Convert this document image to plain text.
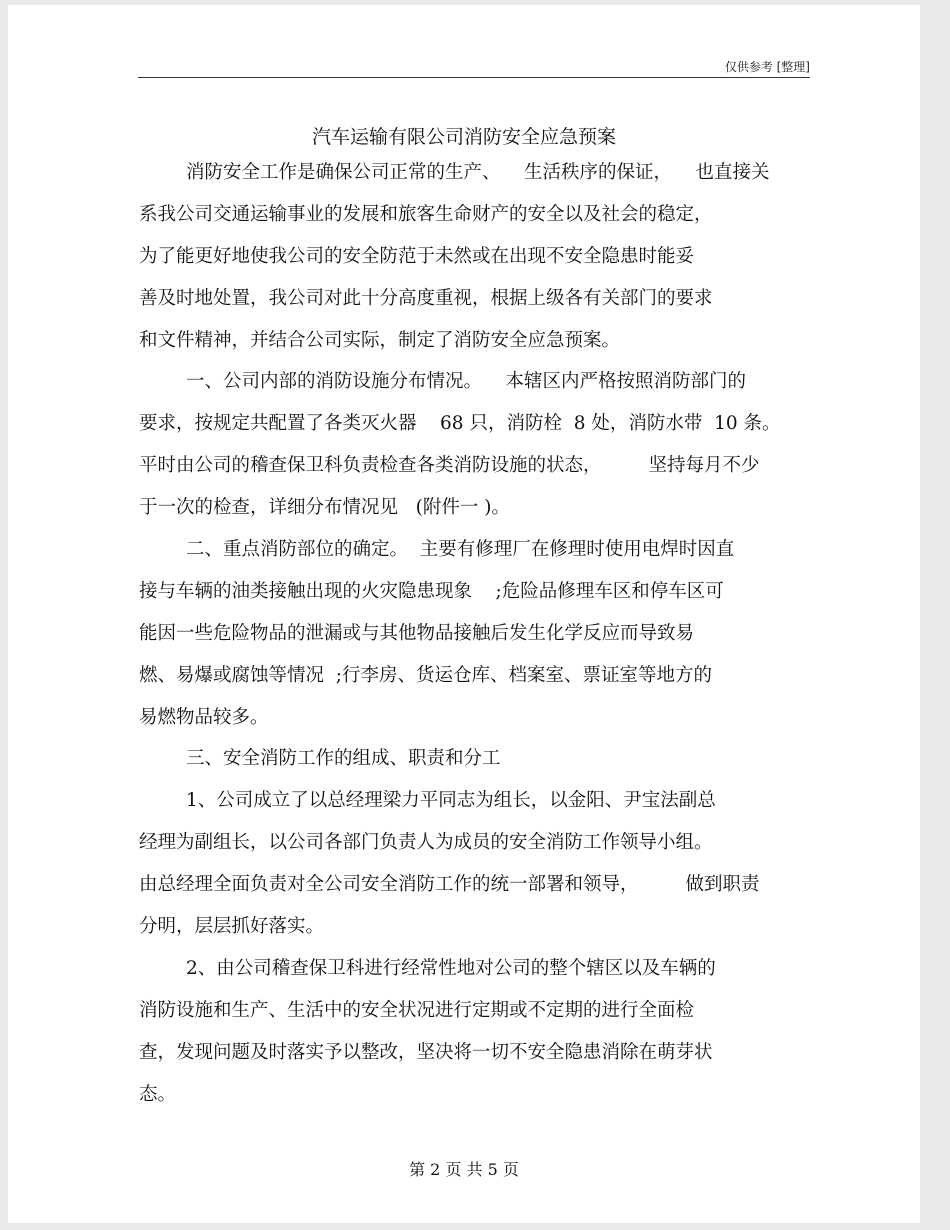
仅供参考 [整理]
汽车运输有限公司消防安全应急预案
消防安全工作是确保公司正常的生产、    生活秩序的保证，    也直接关
系我公司交通运输事业的发展和旅客生命财产的安全以及社会的稳定，
为了能更好地使我公司的安全防范于未然或在出现不安全隐患时能妥
善及时地处置，我公司对此十分高度重视，根据上级各有关部门的要求
和文件精神，并结合公司实际，制定了消防安全应急预案。
一、公司内部的消防设施分布情况。    本辖区内严格按照消防部门的
要求，按规定共配置了各类灭火器    68 只，消防栓  8 处，消防水带  10 条。
平时由公司的稽查保卫科负责检查各类消防设施的状态，        坚持每月不少
于一次的检查，详细分布情况见   (附件一 )。
二、重点消防部位的确定。  主要有修理厂在修理时使用电焊时因直
接与车辆的油类接触出现的火灾隐患现象    ;危险品修理车区和停车区可
能因一些危险物品的泄漏或与其他物品接触后发生化学反应而导致易
燃、易爆或腐蚀等情况  ;行李房、货运仓库、档案室、票证室等地方的
易燃物品较多。
三、安全消防工作的组成、职责和分工
1、公司成立了以总经理梁力平同志为组长，以金阳、尹宝法副总
经理为副组长，以公司各部门负责人为成员的安全消防工作领导小组。
由总经理全面负责对全公司安全消防工作的统一部署和领导，        做到职责
分明，层层抓好落实。
2、由公司稽查保卫科进行经常性地对公司的整个辖区以及车辆的
消防设施和生产、生活中的安全状况进行定期或不定期的进行全面检
查，发现问题及时落实予以整改，坚决将一切不安全隐患消除在萌芽状
态。
第 2 页 共 5 页
